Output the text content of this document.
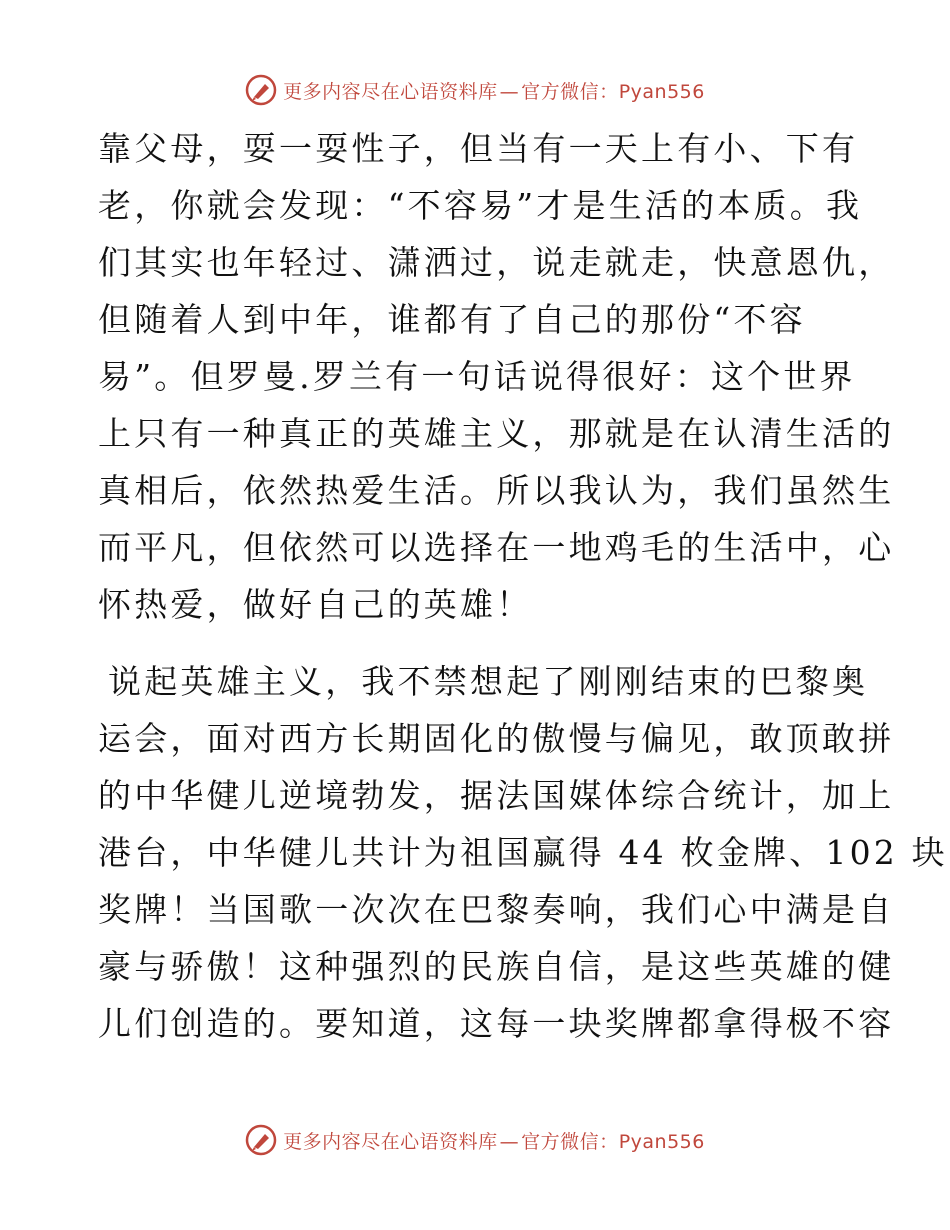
更多内容尽在心语资料库 — 官方微信：Pyan556

靠父母，耍一耍性子，但当有一天上有小、下有
老，你就会发现：“不容易”才是生活的本质。我
们其实也年轻过、潇洒过，说走就走，快意恩仇，
但随着人到中年，谁都有了自己的那份“不容
易”。但罗曼.罗兰有一句话说得很好：这个世界
上只有一种真正的英雄主义，那就是在认清生活的
真相后，依然热爱生活。所以我认为，我们虽然生
而平凡，但依然可以选择在一地鸡毛的生活中，心
怀热爱，做好自己的英雄！

说起英雄主义，我不禁想起了刚刚结束的巴黎奥
运会，面对西方长期固化的傲慢与偏见，敢顶敢拼
的中华健儿逆境勃发，据法国媒体综合统计，加上
港台，中华健儿共计为祖国赢得 44 枚金牌、102 块
奖牌！当国歌一次次在巴黎奏响，我们心中满是自
豪与骄傲！这种强烈的民族自信，是这些英雄的健
儿们创造的。要知道，这每一块奖牌都拿得极不容

更多内容尽在心语资料库 — 官方微信：Pyan556
